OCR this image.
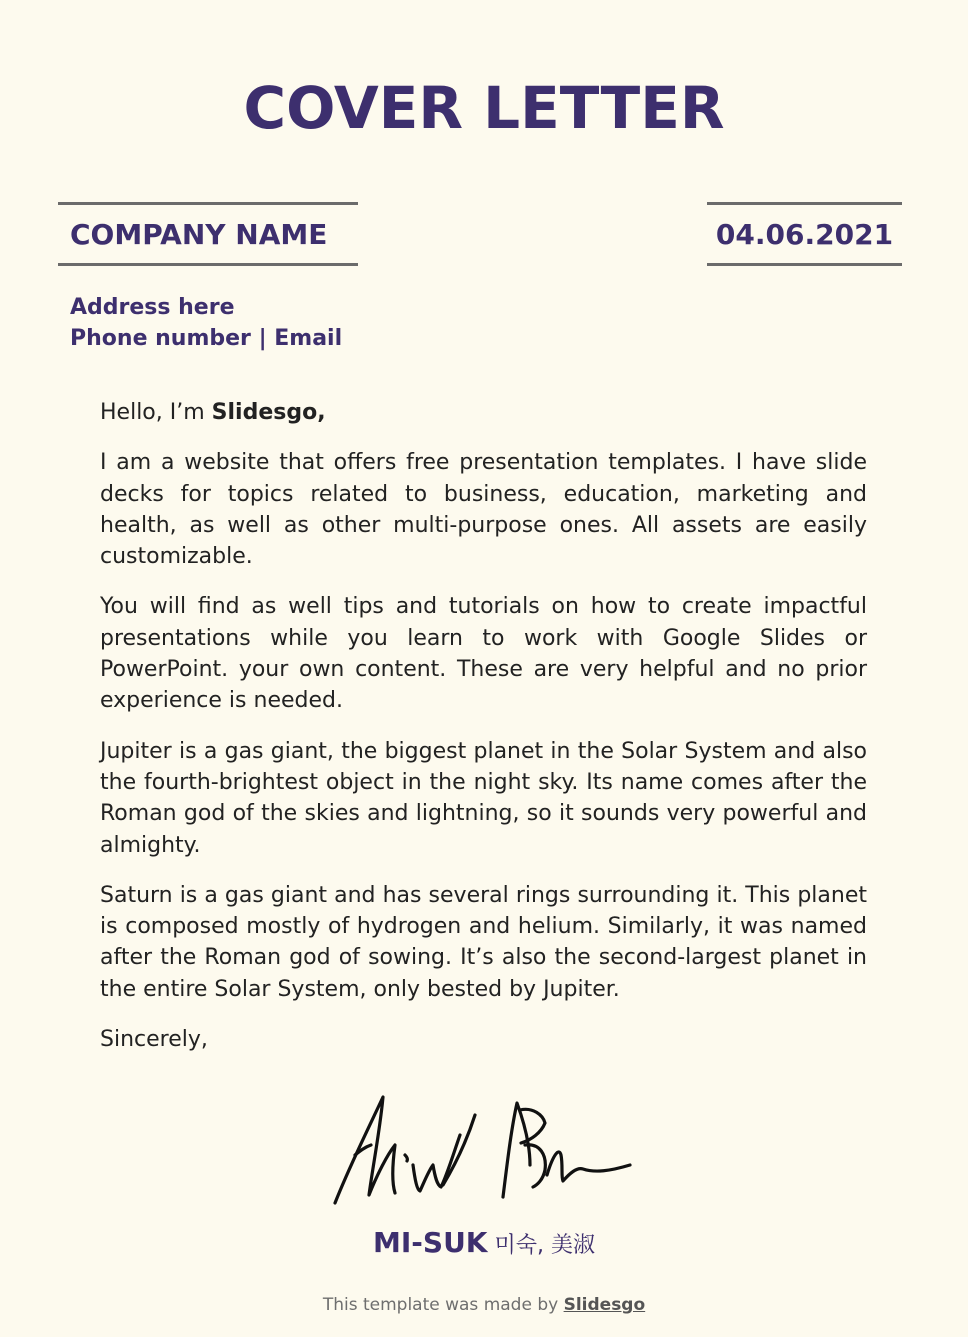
COVER LETTER
COMPANY NAME	04.06.2021
Address here
Phone number | Email

Hello, I’m Slidesgo,

I am a website that offers free presentation templates. I have slide decks for topics related to business, education, marketing and health, as well as other multi-purpose ones. All assets are easily customizable.

You will find as well tips and tutorials on how to create impactful presentations while you learn to work with Google Slides or PowerPoint. your own content. These are very helpful and no prior experience is needed.

Jupiter is a gas giant, the biggest planet in the Solar System and also the fourth-brightest object in the night sky. Its name comes after the Roman god of the skies and lightning, so it sounds very powerful and almighty.

Saturn is a gas giant and has several rings surrounding it. This planet is composed mostly of hydrogen and helium. Similarly, it was named after the Roman god of sowing. It’s also the second-largest planet in the entire Solar System, only bested by Jupiter.

Sincerely,

MI-SUK 미숙, 美淑
This template was made by Slidesgo
